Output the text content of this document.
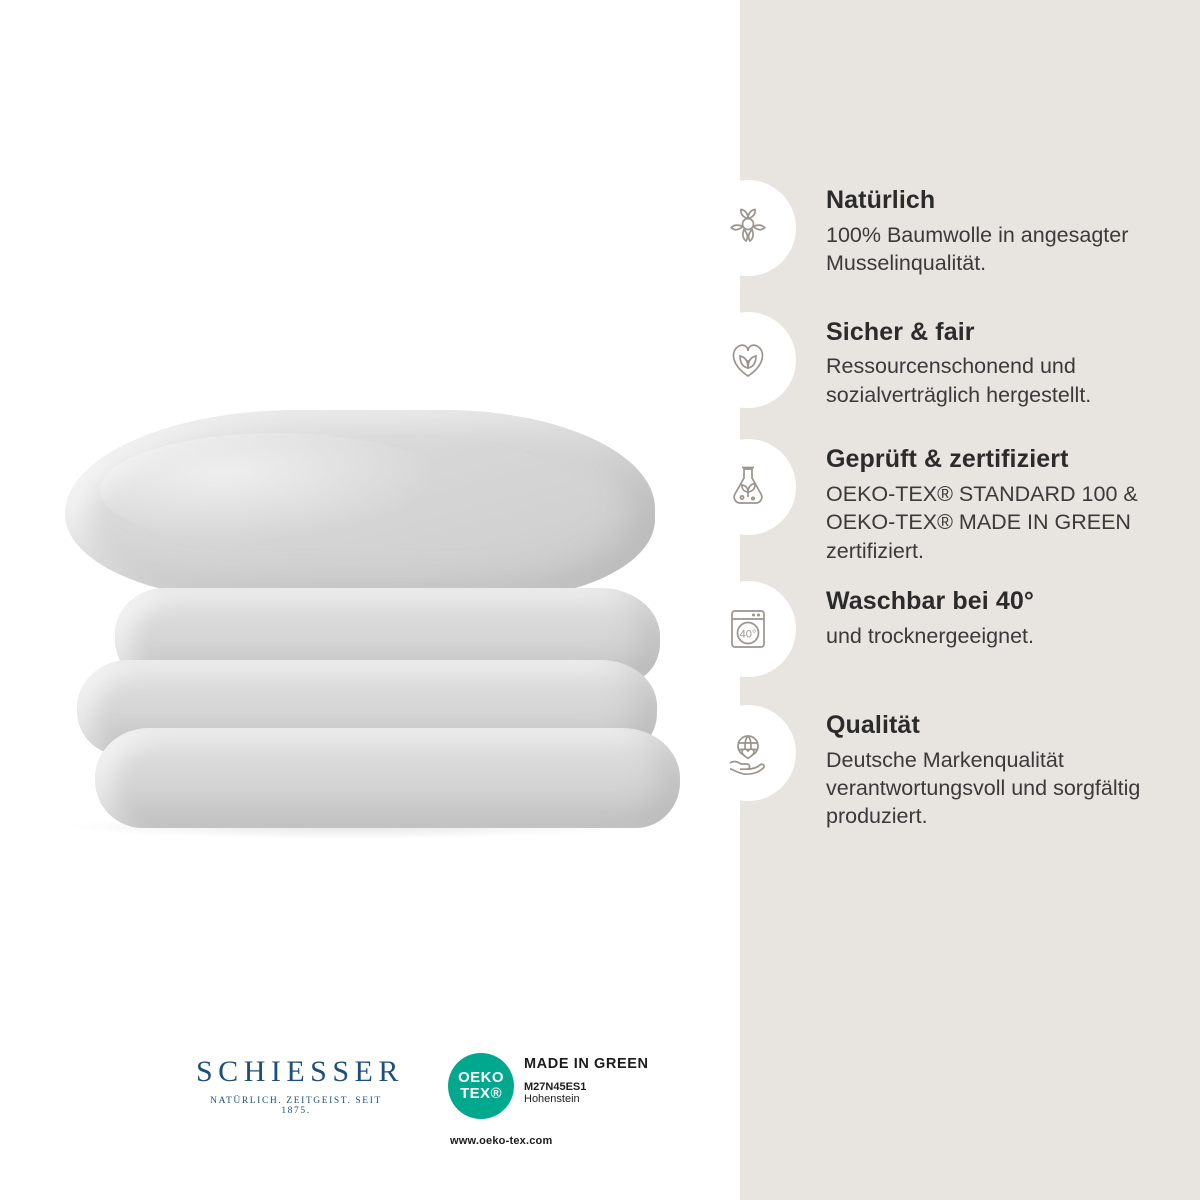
Natürlich
100% Baumwolle in angesagter Musselinqualität.
Sicher & fair
Ressourcenschonend und sozialverträglich hergestellt.
Geprüft & zertifiziert
OEKO-TEX® STANDARD 100 & OEKO-TEX® MADE IN GREEN zertifiziert.
40°
Waschbar bei 40°
und trocknergeeignet.
Qualität
Deutsche Markenqualität verantwortungsvoll und sorgfältig produziert.
SCHIESSER
NATÜRLICH. ZEITGEIST. SEIT 1875.
OEKO
TEX®
MADE IN GREEN
M27N45ES1
Hohenstein
www.oeko-tex.com
